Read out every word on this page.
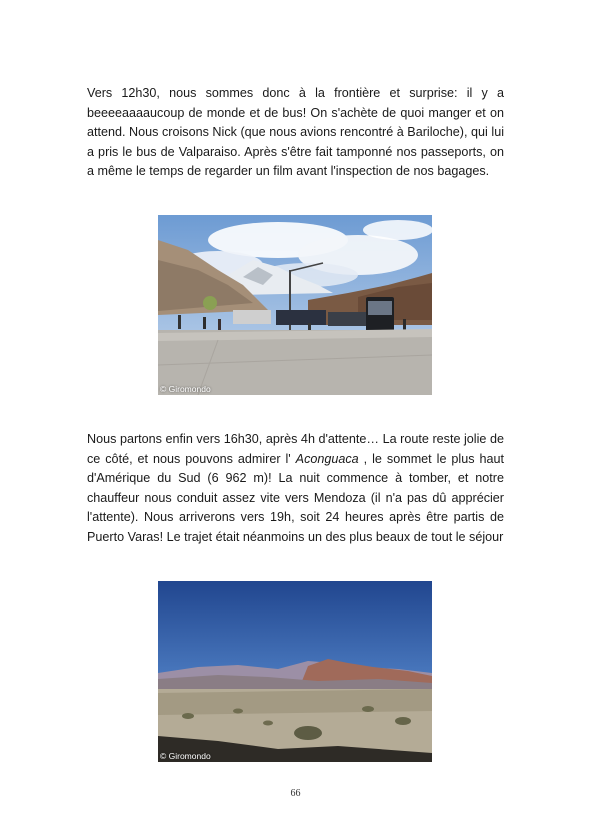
Vers 12h30, nous sommes donc à la frontière et surprise: il y a beeeeaaaaucoup de monde et de bus! On s'achète de quoi manger et on attend. Nous croisons Nick (que nous avions rencontré à Bariloche), qui lui a pris le bus de Valparaiso. Après s'être fait tamponné nos passeports, on a même le temps de regarder un film avant l'inspection de nos bagages.

© Giromondo

Nous partons enfin vers 16h30, après 4h d'attente… La route reste jolie de ce côté, et nous pouvons admirer l' Aconguaca , le sommet le plus haut d'Amérique du Sud (6 962 m)! La nuit commence à tomber, et notre chauffeur nous conduit assez vite vers Mendoza (il n'a pas dû apprécier l'attente). Nous arriverons vers 19h, soit 24 heures après être partis de Puerto Varas! Le trajet était néanmoins un des plus beaux de tout le séjour

© Giromondo
66
